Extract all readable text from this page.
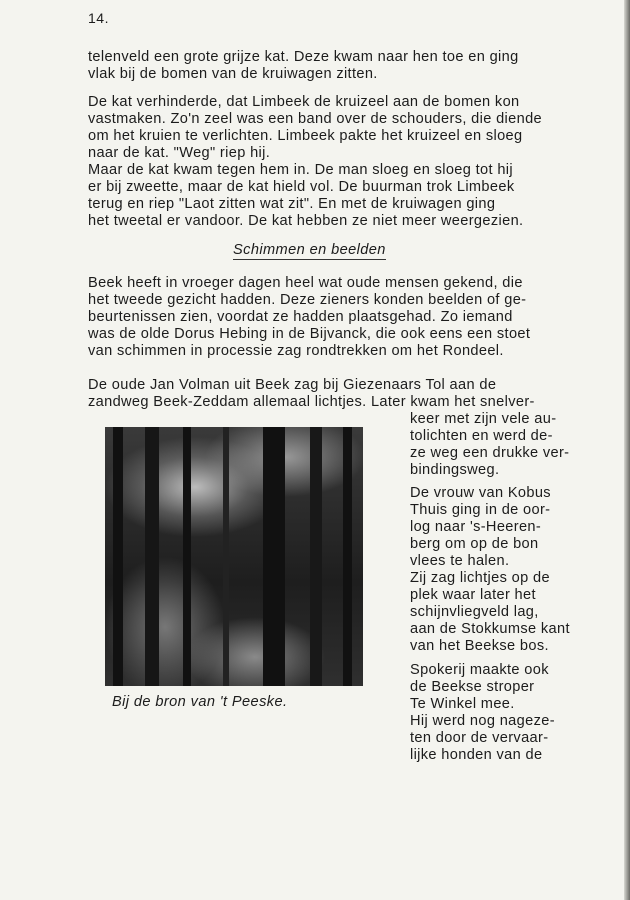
14.
telenveld een grote grijze kat. Deze kwam naar hen toe en ging
vlak bij de bomen van de kruiwagen zitten.
De kat verhinderde, dat Limbeek de kruizeel aan de bomen kon
vastmaken. Zo'n zeel was een band over de schouders, die diende
om het kruien te verlichten. Limbeek pakte het kruizeel en sloeg
naar de kat. "Weg" riep hij.
Maar de kat kwam tegen hem in. De man sloeg en sloeg tot hij
er bij zweette, maar de kat hield vol. De buurman trok Limbeek
terug en riep "Laot zitten wat zit". En met de kruiwagen ging
het tweetal er vandoor. De kat hebben ze niet meer weergezien.
Schimmen en beelden
Beek heeft in vroeger dagen heel wat oude mensen gekend, die
het tweede gezicht hadden. Deze zieners konden beelden of ge-
beurtenissen zien, voordat ze hadden plaatsgehad. Zo iemand
was de olde Dorus Hebing in de Bijvanck, die ook eens een stoet
van schimmen in processie zag rondtrekken om het Rondeel.
De oude Jan Volman uit Beek zag bij Giezenaars Tol aan de
zandweg Beek-Zeddam allemaal lichtjes. Later kwam het snelver-
keer met zijn vele au-
tolichten en werd de-
ze weg een drukke ver-
bindingsweg.
De vrouw van Kobus
Thuis ging in de oor-
log naar 's-Heeren-
berg om op de bon
vlees te halen.
Zij zag lichtjes op de
plek waar later het
schijnvliegveld lag,
aan de Stokkumse kant
van het Beekse bos.
Spokerij maakte ook
de Beekse stroper
Te Winkel mee.
Hij werd nog nageze-
ten door de vervaar-
lijke honden van de
Bij de bron van 't Peeske.
